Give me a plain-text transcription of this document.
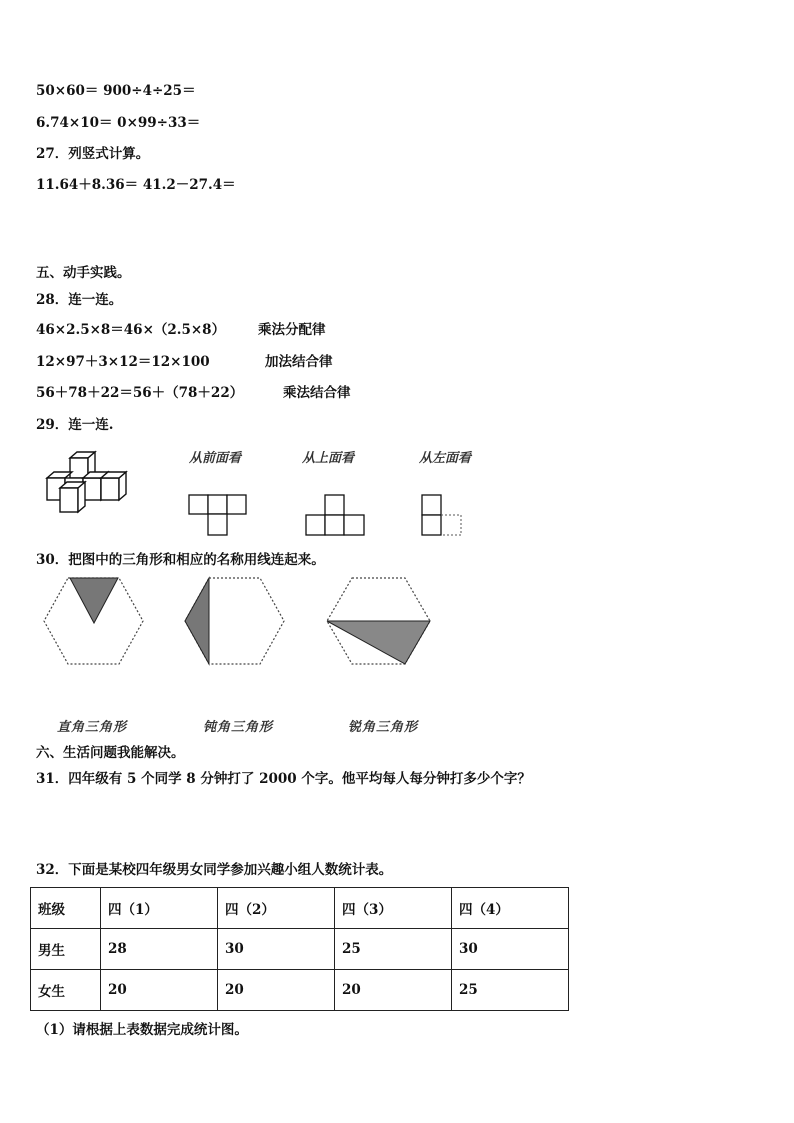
50×60＝ 900÷4÷25＝
6.74×10＝ 0×99÷33＝
27．列竖式计算。
11.64＋8.36＝ 41.2－27.4＝
五、动手实践。
28．连一连。
46×2.5×8＝46×（2.5×8）
12×97＋3×12＝12×100
56＋78＋22＝56＋（78＋22）
乘法分配律
加法结合律
乘法结合律
29．连一连.
从前面看	从上面看	从左面看
30．把图中的三角形和相应的名称用线连起来。
直角三角形	钝角三角形	锐角三角形
六、生活问题我能解决。
31．四年级有 5 个同学 8 分钟打了 2000 个字。他平均每人每分钟打多少个字？
32．下面是某校四年级男女同学参加兴趣小组人数统计表。
班级	四（1）	四（2）	四（3）	四（4）
男生	28	30	25	30
女生	20	20	20	25
（1）请根据上表数据完成统计图。
